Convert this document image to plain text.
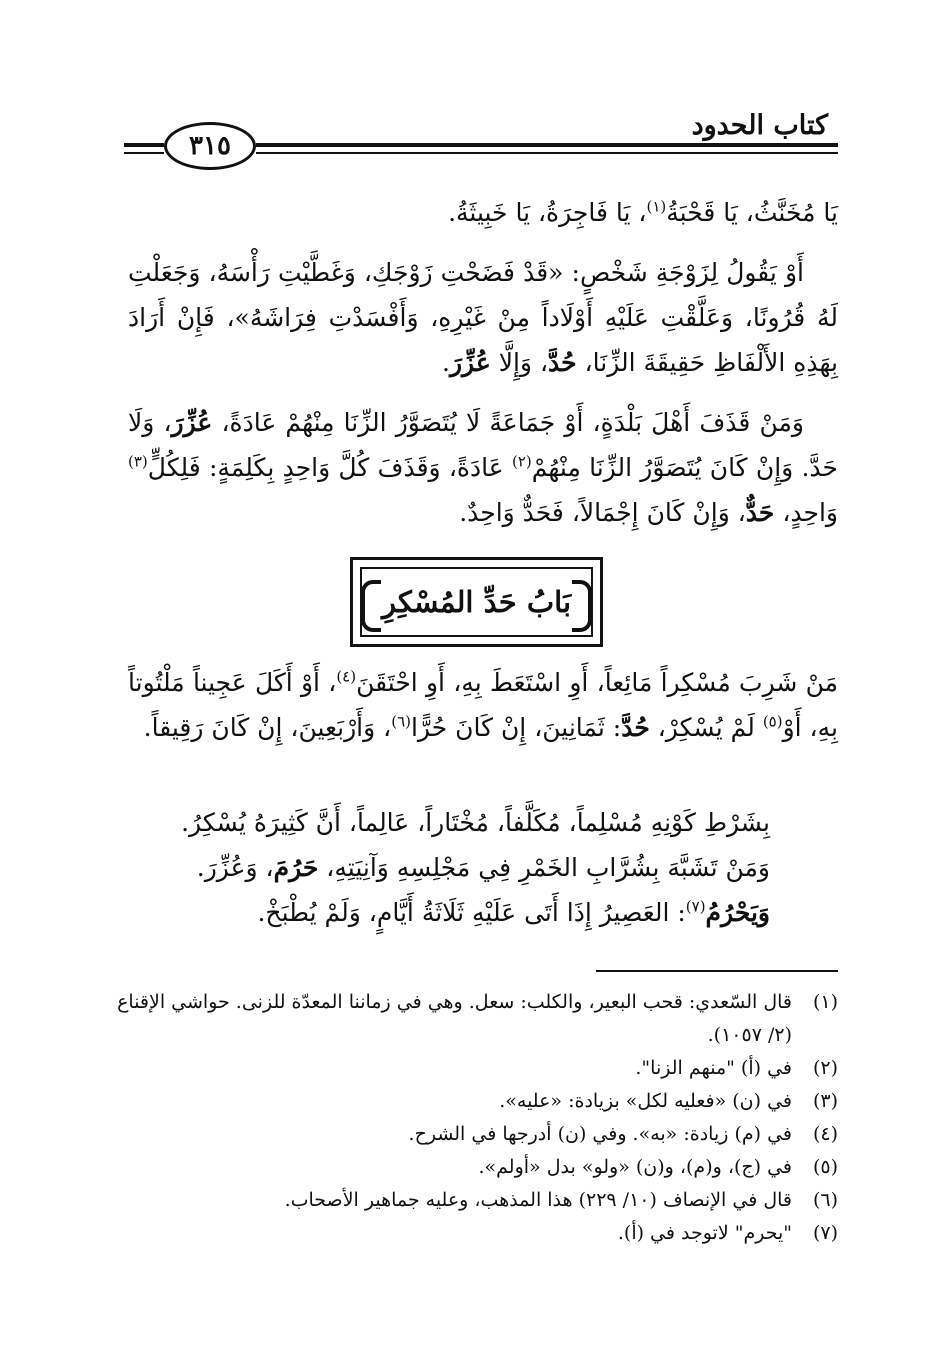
كتاب الحدود
٣١٥

يَا مُخَنَّثُ، يَا قَحْبَةُ$^{(١)}$، يَا فَاجِرَةُ، يَا خَبِيثَةُ.

أَوْ يَقُولُ لِزَوْجَةِ شَخْصٍ: «قَدْ فَضَحْتِ زَوْجَكِ، وَغَطَّيْتِ رَأْسَهُ، وَجَعَلْتِ لَهُ قُرُونًا، وَعَلَّقْتِ عَلَيْهِ أَوْلَاداً مِنْ غَيْرِهِ، وَأَفْسَدْتِ فِرَاشَهُ»، فَإِنْ أَرَادَ بِهَذِهِ الأَلْفَاظِ حَقِيقَةَ الزِّنَا، حُدَّ، وَإِلَّا عُزِّرَ.

وَمَنْ قَذَفَ أَهْلَ بَلْدَةٍ، أَوْ جَمَاعَةً لَا يُتَصَوَّرُ الزِّنَا مِنْهُمْ عَادَةً، عُزِّرَ، وَلَا حَدَّ. وَإِنْ كَانَ يُتَصَوَّرُ الزِّنَا مِنْهُمْ$^{(٢)}$ عَادَةً، وَقَذَفَ كُلَّ وَاحِدٍ بِكَلِمَةٍ: فَلِكُلٍّ$^{(٣)}$ وَاحِدٍ، حَدٌّ، وَإِنْ كَانَ إِجْمَالاً، فَحَدٌّ وَاحِدٌ.

بَابُ حَدِّ المُسْكِرِ

مَنْ شَرِبَ مُسْكِراً مَائِعاً، أَوِ اسْتَعَطَ بِهِ، أَوِ احْتَقَنَ$^{(٤)}$، أَوْ أَكَلَ عَجِيناً مَلْتُوتاً بِهِ، أَوْ$^{(٥)}$ لَمْ يُسْكِرْ، حُدَّ: ثَمَانِينَ، إِنْ كَانَ حُرًّا$^{(٦)}$، وَأَرْبَعِينَ، إِنْ كَانَ رَقِيقاً.

بِشَرْطِ كَوْنِهِ مُسْلِماً، مُكَلَّفاً، مُخْتَاراً، عَالِماً، أَنَّ كَثِيرَهُ يُسْكِرُ.
وَمَنْ تَشَبَّهَ بِشُرَّابِ الخَمْرِ فِي مَجْلِسِهِ وَآنِيَتِهِ، حَرُمَ، وَعُزِّرَ.
وَيَحْرُمُ$^{(٧)}$: العَصِيرُ إِذَا أَتَى عَلَيْهِ ثَلَاثَةُ أَيَّامٍ، وَلَمْ يُطْبَخْ.
(١)
قال السّعدي: قحب البعير، والكلب: سعل. وهي في زماننا المعدّة للزنى. حواشي الإقناع (٢/ ١٠٥٧).
(٢)
في (أ) "منهم الزنا".
(٣)
في (ن) «فعليه لكل» بزيادة: «عليه».
(٤)
في (م) زيادة: «به». وفي (ن) أدرجها في الشرح.
(٥)
في (ج)، و(م)، و(ن) «ولو» بدل «أولم».
(٦)
قال في الإنصاف (١٠/ ٢٢٩) هذا المذهب، وعليه جماهير الأصحاب.
(٧)
"يحرم" لاتوجد في (أ).
